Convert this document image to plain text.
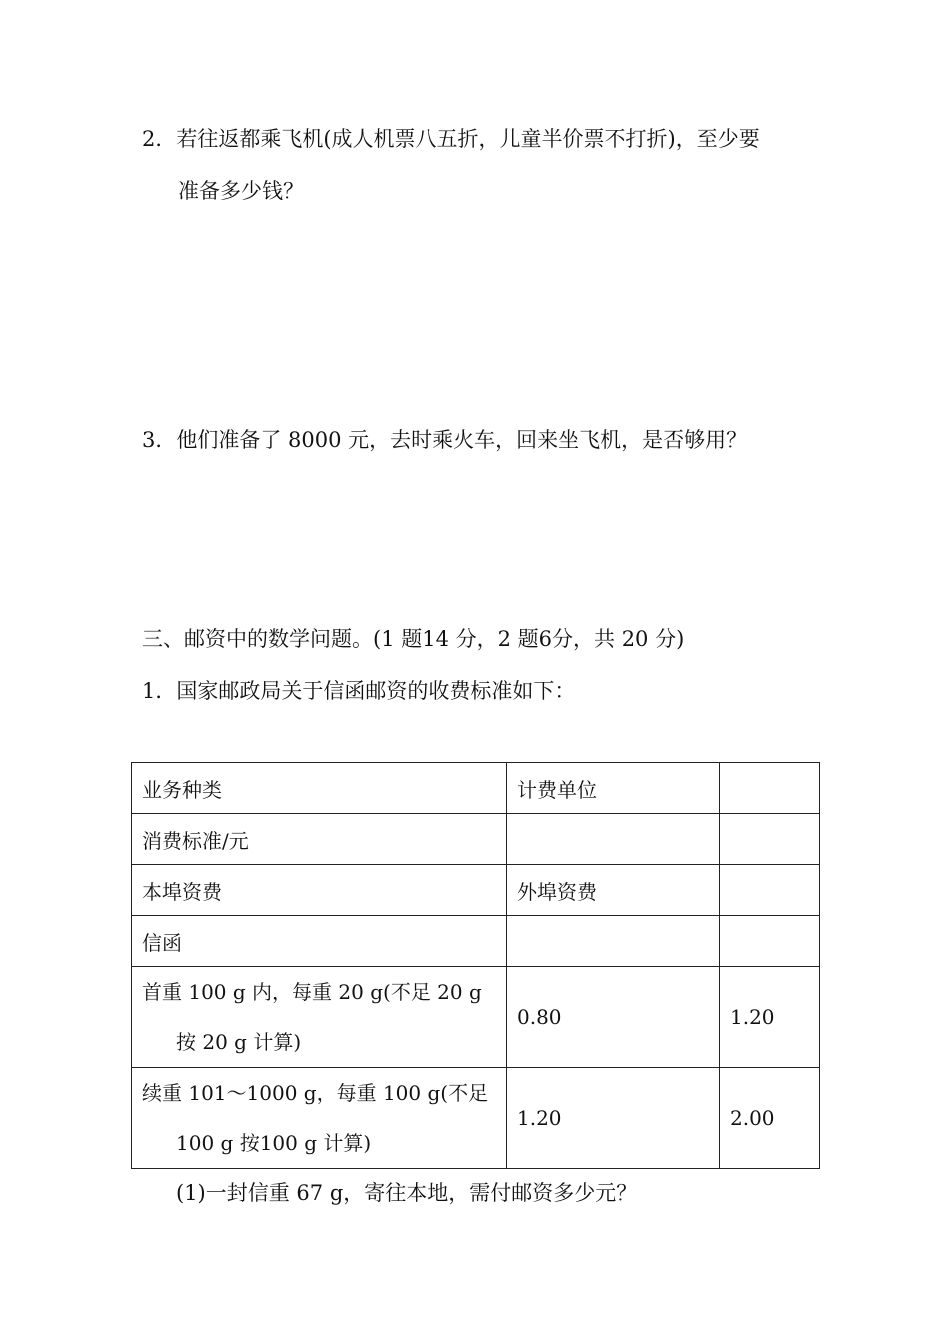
2．若往返都乘飞机(成人机票八五折，儿童半价票不打折)，至少要
准备多少钱？
3．他们准备了 8000 元，去时乘火车，回来坐飞机，是否够用？
三、邮资中的数学问题。(1 题14 分，2 题6分，共 20 分)
1．国家邮政局关于信函邮资的收费标准如下：
业务种类	计费单位	
消费标准/元		
本埠资费	外埠资费	
信函		
首重 100 g 内，每重 20 g(不足 20 g
按 20 g 计算)	0.80	1.20
续重 101～1000 g，每重 100 g(不足
100 g 按100 g 计算)	1.20	2.00
(1)一封信重 67 g，寄往本地，需付邮资多少元？
